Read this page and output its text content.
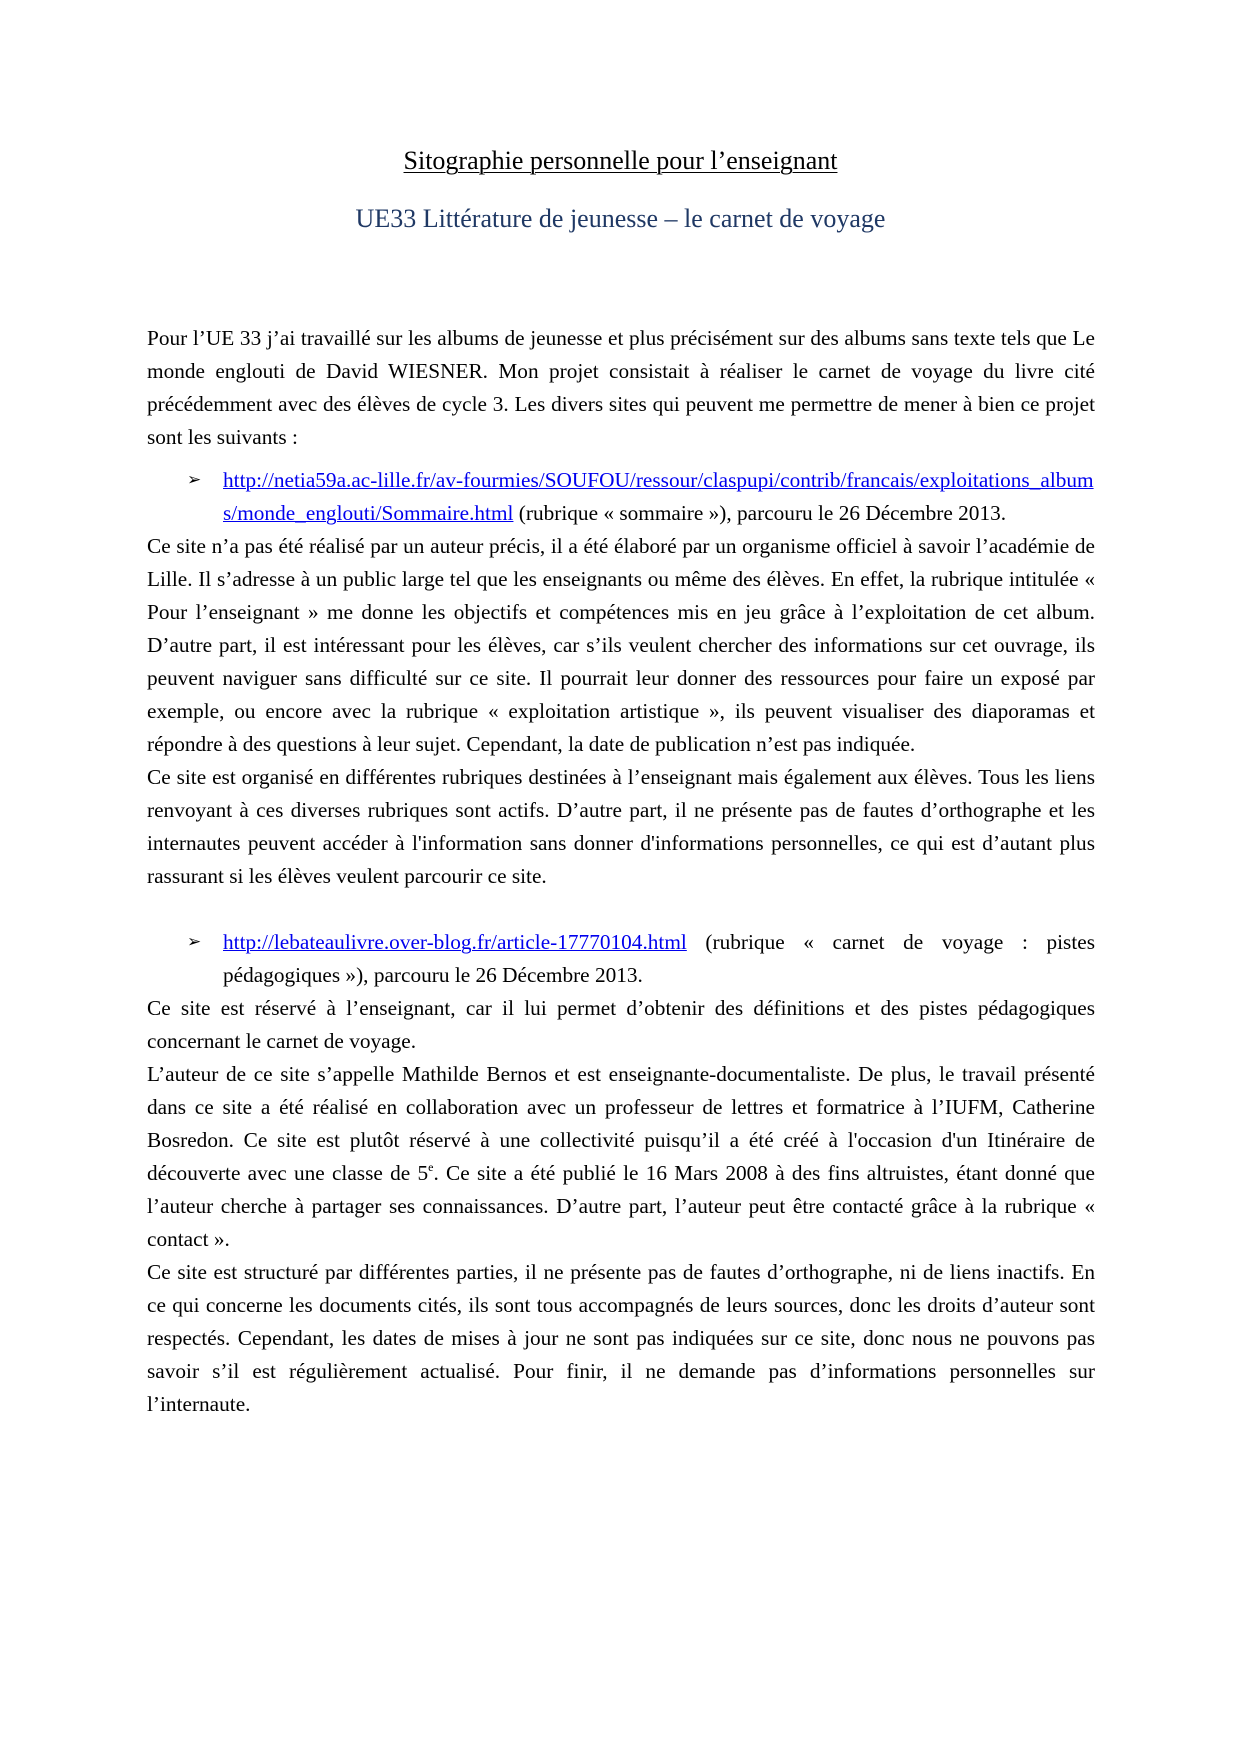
Sitographie personnelle pour l’enseignant
UE33 Littérature de jeunesse – le carnet de voyage

Pour l’UE 33 j’ai travaillé sur les albums de jeunesse et plus précisément sur des albums sans texte tels que Le monde englouti de David WIESNER. Mon projet consistait à réaliser le carnet de voyage du livre cité précédemment avec des élèves de cycle 3. Les divers sites qui peuvent me permettre de mener à bien ce projet sont les suivants :

➢ http://netia59a.ac-lille.fr/av-fourmies/SOUFOU/ressour/claspupi/contrib/francais/exploitations_albums/monde_englouti/Sommaire.html (rubrique « sommaire »), parcouru le 26 Décembre 2013.

Ce site n’a pas été réalisé par un auteur précis, il a été élaboré par un organisme officiel à savoir l’académie de Lille. Il s’adresse à un public large tel que les enseignants ou même des élèves. En effet, la rubrique intitulée « Pour l’enseignant » me donne les objectifs et compétences mis en jeu grâce à l’exploitation de cet album. D’autre part, il est intéressant pour les élèves, car s’ils veulent chercher des informations sur cet ouvrage, ils peuvent naviguer sans difficulté sur ce site. Il pourrait leur donner des ressources pour faire un exposé par exemple, ou encore avec la rubrique « exploitation artistique », ils peuvent visualiser des diaporamas et répondre à des questions à leur sujet. Cependant, la date de publication n’est pas indiquée.

Ce site est organisé en différentes rubriques destinées à l’enseignant mais également aux élèves. Tous les liens renvoyant à ces diverses rubriques sont actifs. D’autre part, il ne présente pas de fautes d’orthographe et les internautes peuvent accéder à l'information sans donner d'informations personnelles, ce qui est d’autant plus rassurant si les élèves veulent parcourir ce site.

➢ http://lebateaulivre.over-blog.fr/article-17770104.html (rubrique « carnet de voyage : pistes pédagogiques »), parcouru le 26 Décembre 2013.

Ce site est réservé à l’enseignant, car il lui permet d’obtenir des définitions et des pistes pédagogiques concernant le carnet de voyage.

L’auteur de ce site s’appelle Mathilde Bernos et est enseignante-documentaliste. De plus, le travail présenté dans ce site a été réalisé en collaboration avec un professeur de lettres et formatrice à l’IUFM, Catherine Bosredon. Ce site est plutôt réservé à une collectivité puisqu’il a été créé à l'occasion d'un Itinéraire de découverte avec une classe de 5e. Ce site a été publié le 16 Mars 2008 à des fins altruistes, étant donné que l’auteur cherche à partager ses connaissances. D’autre part, l’auteur peut être contacté grâce à la rubrique « contact ».

Ce site est structuré par différentes parties, il ne présente pas de fautes d’orthographe, ni de liens inactifs. En ce qui concerne les documents cités, ils sont tous accompagnés de leurs sources, donc les droits d’auteur sont respectés. Cependant, les dates de mises à jour ne sont pas indiquées sur ce site, donc nous ne pouvons pas savoir s’il est régulièrement actualisé. Pour finir, il ne demande pas d’informations personnelles sur l’internaute.
